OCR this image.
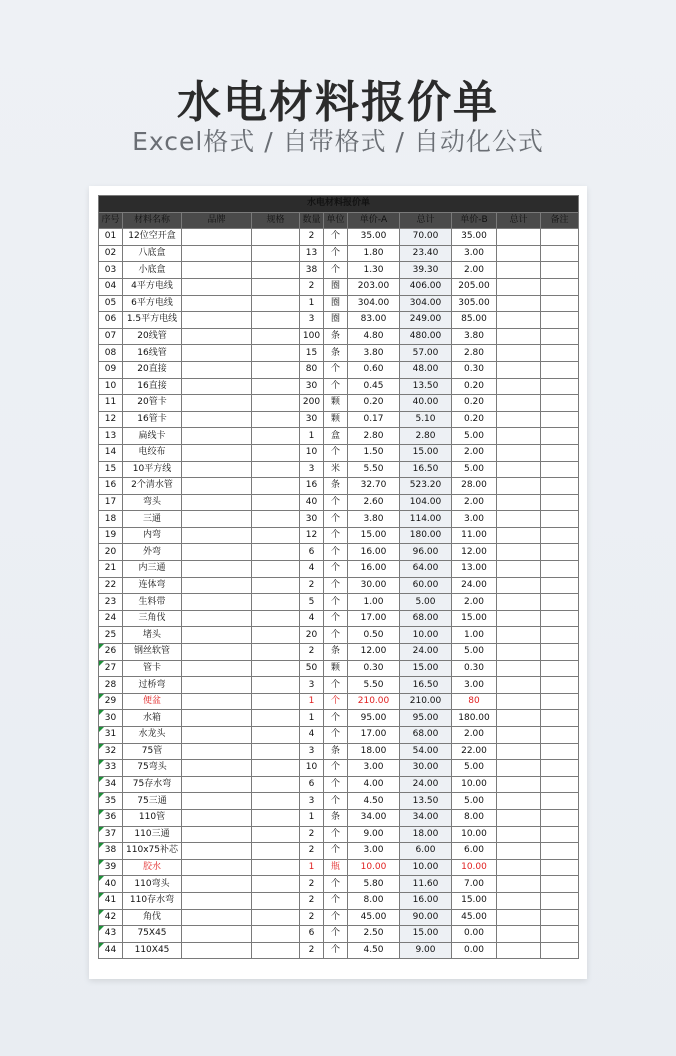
水电材料报价单
Excel格式 / 自带格式 / 自动化公式
水电材料报价单										
序号	材料名称	品牌	规格	数量	单位	单价-A	总计	单价-B	总计	备注
01	12位空开盒			2	个	35.00	70.00	35.00		
02	八底盒			13	个	1.80	23.40	3.00		
03	小底盒			38	个	1.30	39.30	2.00		
04	4平方电线			2	圈	203.00	406.00	205.00		
05	6平方电线			1	圈	304.00	304.00	305.00		
06	1.5平方电线			3	圈	83.00	249.00	85.00		
07	20线管			100	条	4.80	480.00	3.80		
08	16线管			15	条	3.80	57.00	2.80		
09	20直接			80	个	0.60	48.00	0.30		
10	16直接			30	个	0.45	13.50	0.20		
11	20管卡			200	颗	0.20	40.00	0.20		
12	16管卡			30	颗	0.17	5.10	0.20		
13	扁线卡			1	盒	2.80	2.80	5.00		
14	电绞布			10	个	1.50	15.00	2.00		
15	10平方线			3	米	5.50	16.50	5.00		
16	2个清水管			16	条	32.70	523.20	28.00		
17	弯头			40	个	2.60	104.00	2.00		
18	三通			30	个	3.80	114.00	3.00		
19	内弯			12	个	15.00	180.00	11.00		
20	外弯			6	个	16.00	96.00	12.00		
21	内三通			4	个	16.00	64.00	13.00		
22	连体弯			2	个	30.00	60.00	24.00		
23	生料带			5	个	1.00	5.00	2.00		
24	三角伐			4	个	17.00	68.00	15.00		
25	堵头			20	个	0.50	10.00	1.00		
26	钢丝软管			2	条	12.00	24.00	5.00		
27	管卡			50	颗	0.30	15.00	0.30		
28	过桥弯			3	个	5.50	16.50	3.00		
29	便盆			1	个	210.00	210.00	80		
30	水箱			1	个	95.00	95.00	180.00		
31	水龙头			4	个	17.00	68.00	2.00		
32	75管			3	条	18.00	54.00	22.00		
33	75弯头			10	个	3.00	30.00	5.00		
34	75存水弯			6	个	4.00	24.00	10.00		
35	75三通			3	个	4.50	13.50	5.00		
36	110管			1	条	34.00	34.00	8.00		
37	110三通			2	个	9.00	18.00	10.00		
38	110x75补芯			2	个	3.00	6.00	6.00		
39	胶水			1	瓶	10.00	10.00	10.00		
40	110弯头			2	个	5.80	11.60	7.00		
41	110存水弯			2	个	8.00	16.00	15.00		
42	角伐			2	个	45.00	90.00	45.00		
43	75X45			6	个	2.50	15.00	0.00		
44	110X45			2	个	4.50	9.00	0.00		
